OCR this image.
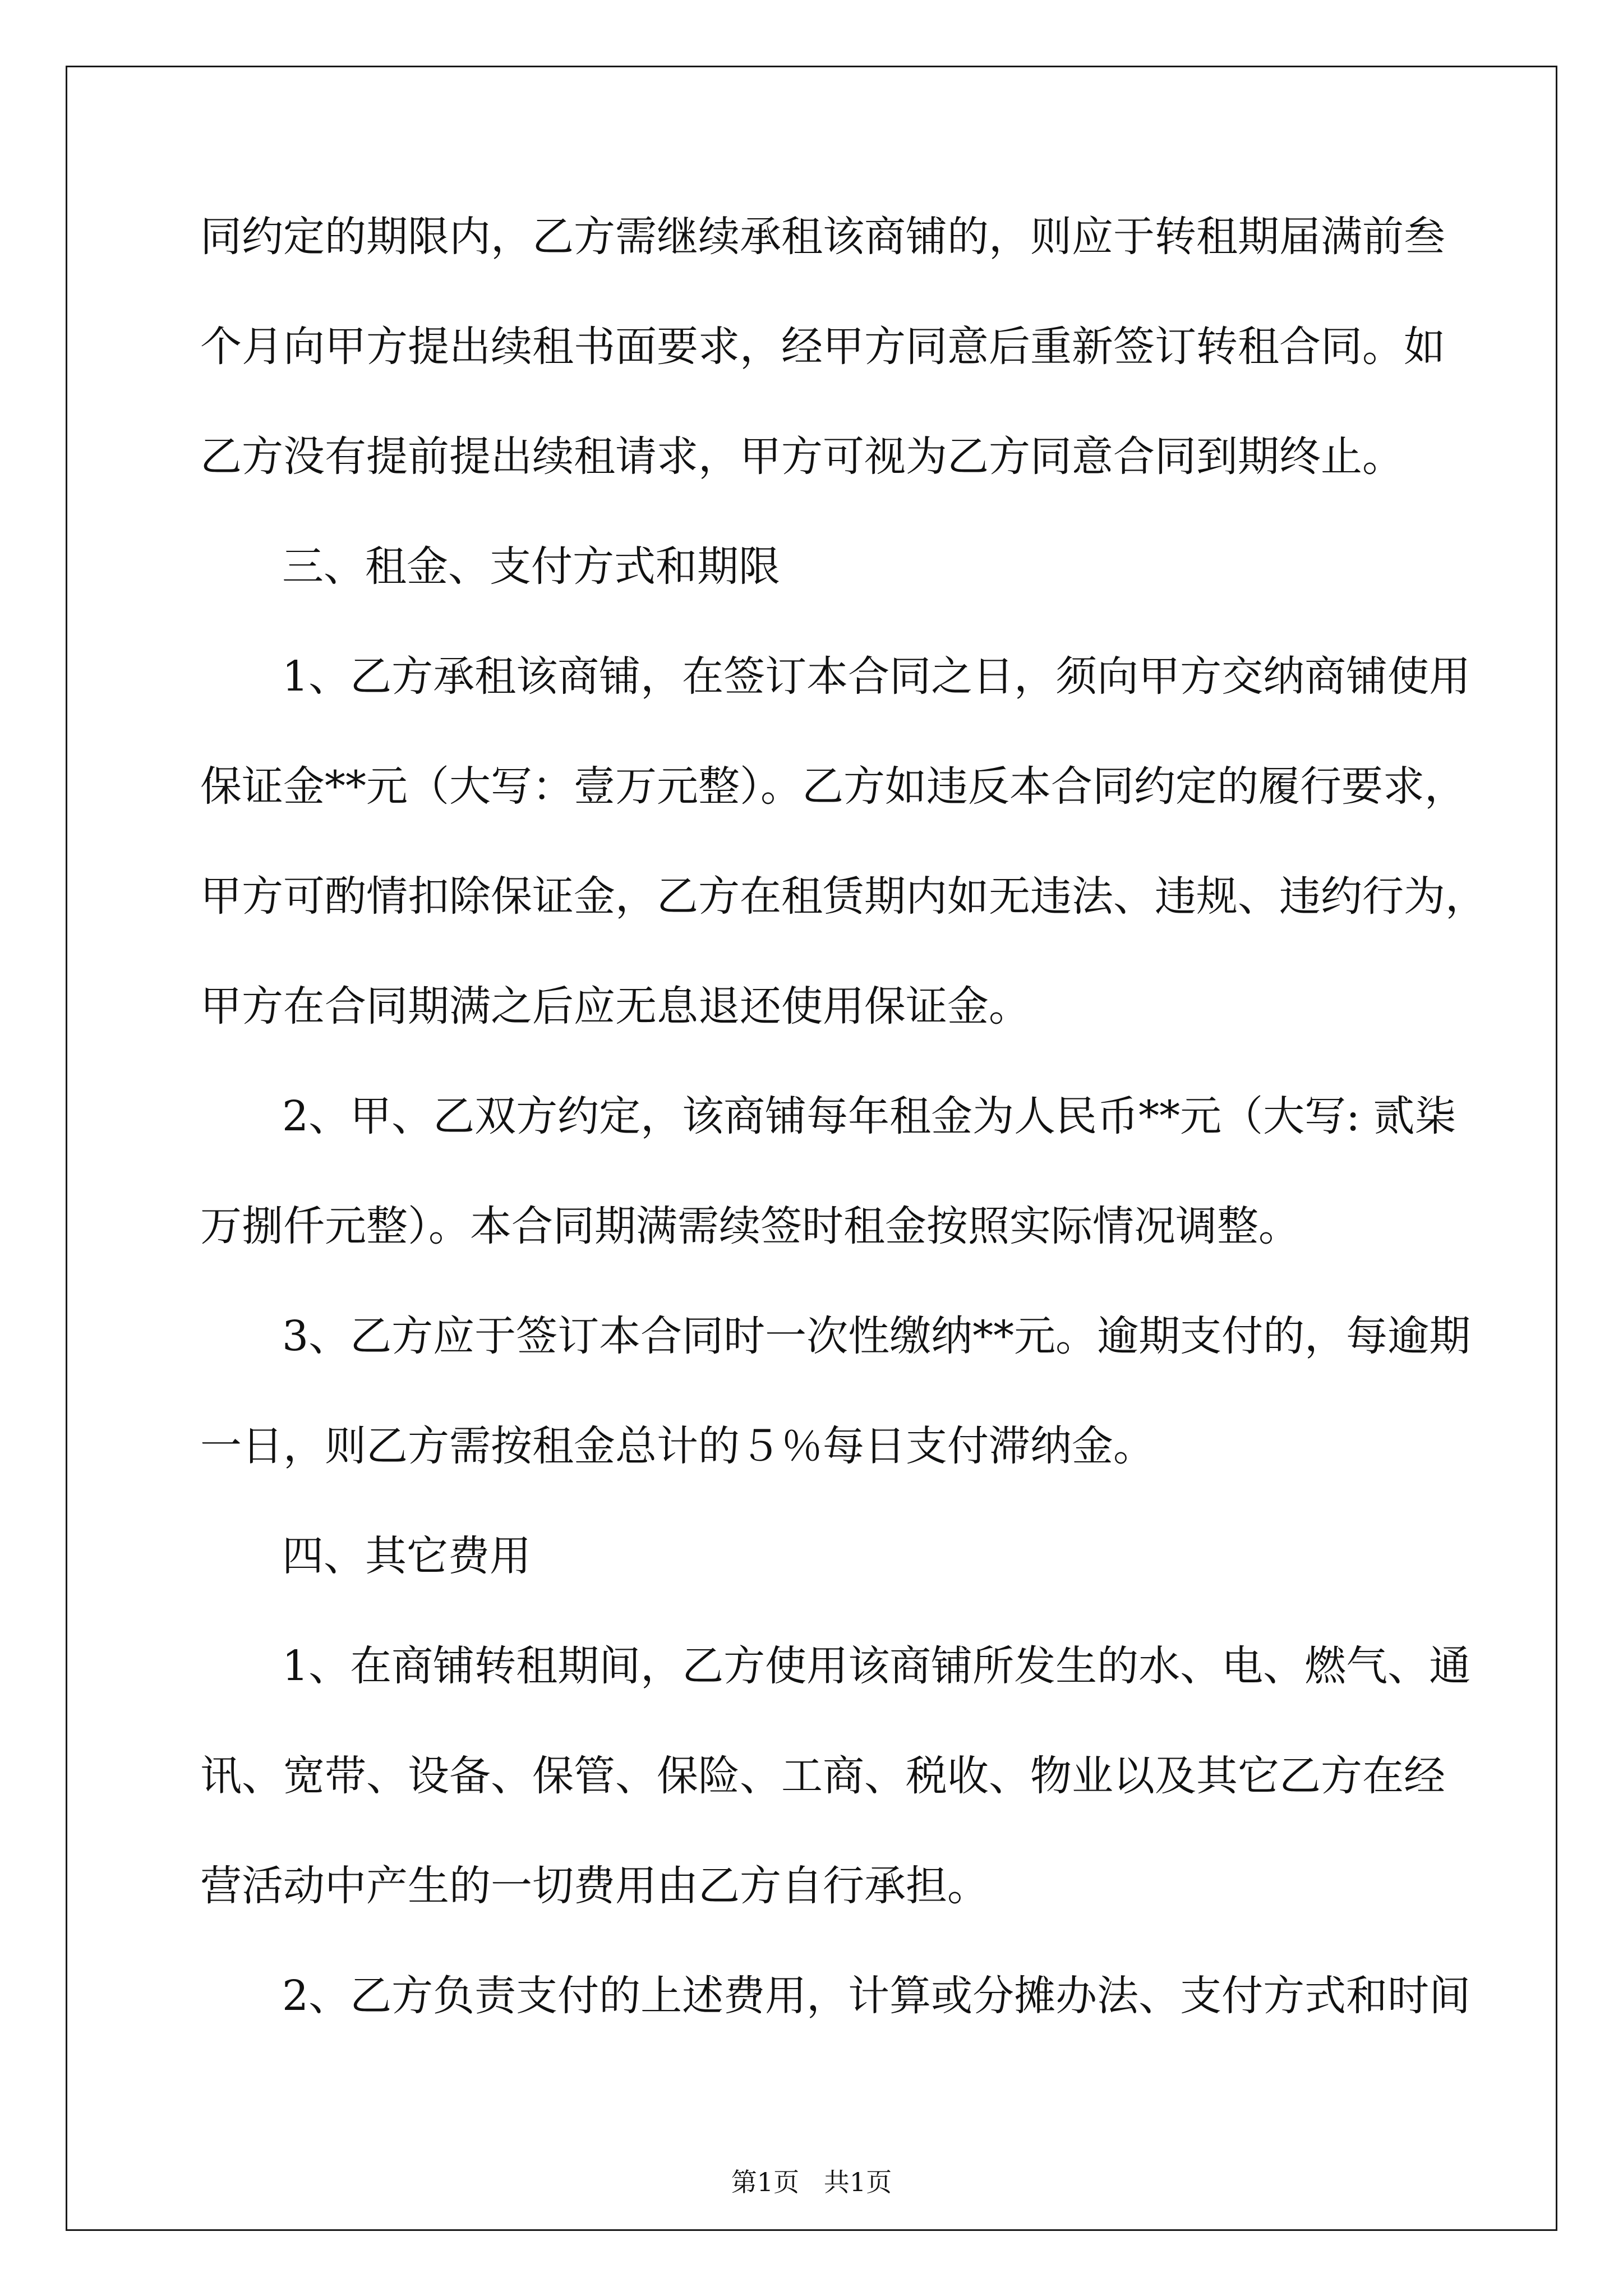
同约定的期限内，乙方需继续承租该商铺的，则应于转租期届满前叁
个月向甲方提出续租书面要求，经甲方同意后重新签订转租合同。如
乙方没有提前提出续租请求，甲方可视为乙方同意合同到期终止。
三、租金、支付方式和期限
1、乙方承租该商铺，在签订本合同之日，须向甲方交纳商铺使用
保证金**元（大写：壹万元整）。乙方如违反本合同约定的履行要求，
甲方可酌情扣除保证金，乙方在租赁期内如无违法、违规、违约行为，
甲方在合同期满之后应无息退还使用保证金。
2、甲、乙双方约定，该商铺每年租金为人民币**元（大写: 贰柒
万捌仟元整）。本合同期满需续签时租金按照实际情况调整。
3、乙方应于签订本合同时一次性缴纳**元。逾期支付的，每逾期
一日，则乙方需按租金总计的５％每日支付滞纳金。
四、其它费用
1、在商铺转租期间，乙方使用该商铺所发生的水、电、燃气、通
讯、宽带、设备、保管、保险、工商、税收、物业以及其它乙方在经
营活动中产生的一切费用由乙方自行承担。
2、乙方负责支付的上述费用，计算或分摊办法、支付方式和时间
第1页   共1页
